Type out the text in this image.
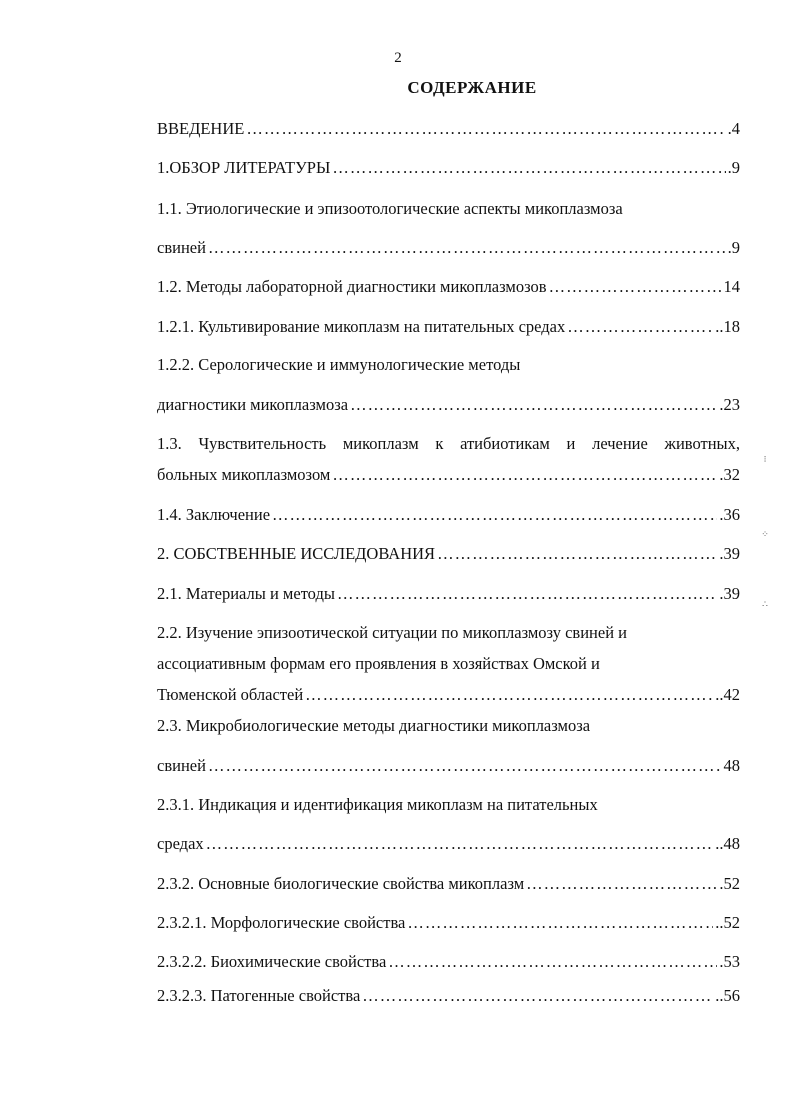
2
СОДЕРЖАНИЕ
ВВЕДЕНИЕ ……………………………………………………………………………………………………………………………………………………	.4
1.ОБЗОР ЛИТЕРАТУРЫ ……………………………………………………………………………………………………………………………………………………	.9
1.1. Этиологические и эпизоотологические аспекты микоплазмоза
свиней ……………………………………………………………………………………………………………………………………………………	.9
1.2. Методы лабораторной диагностики микоплазмозов ……………………………………………………………………………………………………………………………………………………	14
1.2.1. Культивирование микоплазм на питательных средах ……………………………………………………………………………………………………………………………………………………	..18
1.2.2. Серологические и иммунологические методы
диагностики микоплазмоза ……………………………………………………………………………………………………………………………………………………	.23
1.3. Чувствительность микоплазм к атибиотикам и лечение животных,
больных микоплазмозом ……………………………………………………………………………………………………………………………………………………	.32
1.4. Заключение ……………………………………………………………………………………………………………………………………………………	.36
2. СОБСТВЕННЫЕ ИССЛЕДОВАНИЯ ……………………………………………………………………………………………………………………………………………………	.39
2.1. Материалы и методы ……………………………………………………………………………………………………………………………………………………	.39
2.2. Изучение эпизоотической ситуации по микоплазмозу свиней и
ассоциативным формам его проявления в хозяйствах Омской и
Тюменской областей ……………………………………………………………………………………………………………………………………………………	..42
2.3. Микробиологические методы диагностики микоплазмоза
свиней ……………………………………………………………………………………………………………………………………………………	48
2.3.1. Индикация и идентификация микоплазм на питательных
средах ……………………………………………………………………………………………………………………………………………………	..48
2.3.2. Основные биологические свойства микоплазм ……………………………………………………………………………………………………………………………………………………	.52
2.3.2.1. Морфологические свойства ……………………………………………………………………………………………………………………………………………………	..52
2.3.2.2. Биохимические свойства ……………………………………………………………………………………………………………………………………………………	.53
2.3.2.3. Патогенные свойства ……………………………………………………………………………………………………………………………………………………	..56
⁝
⁘
∴
